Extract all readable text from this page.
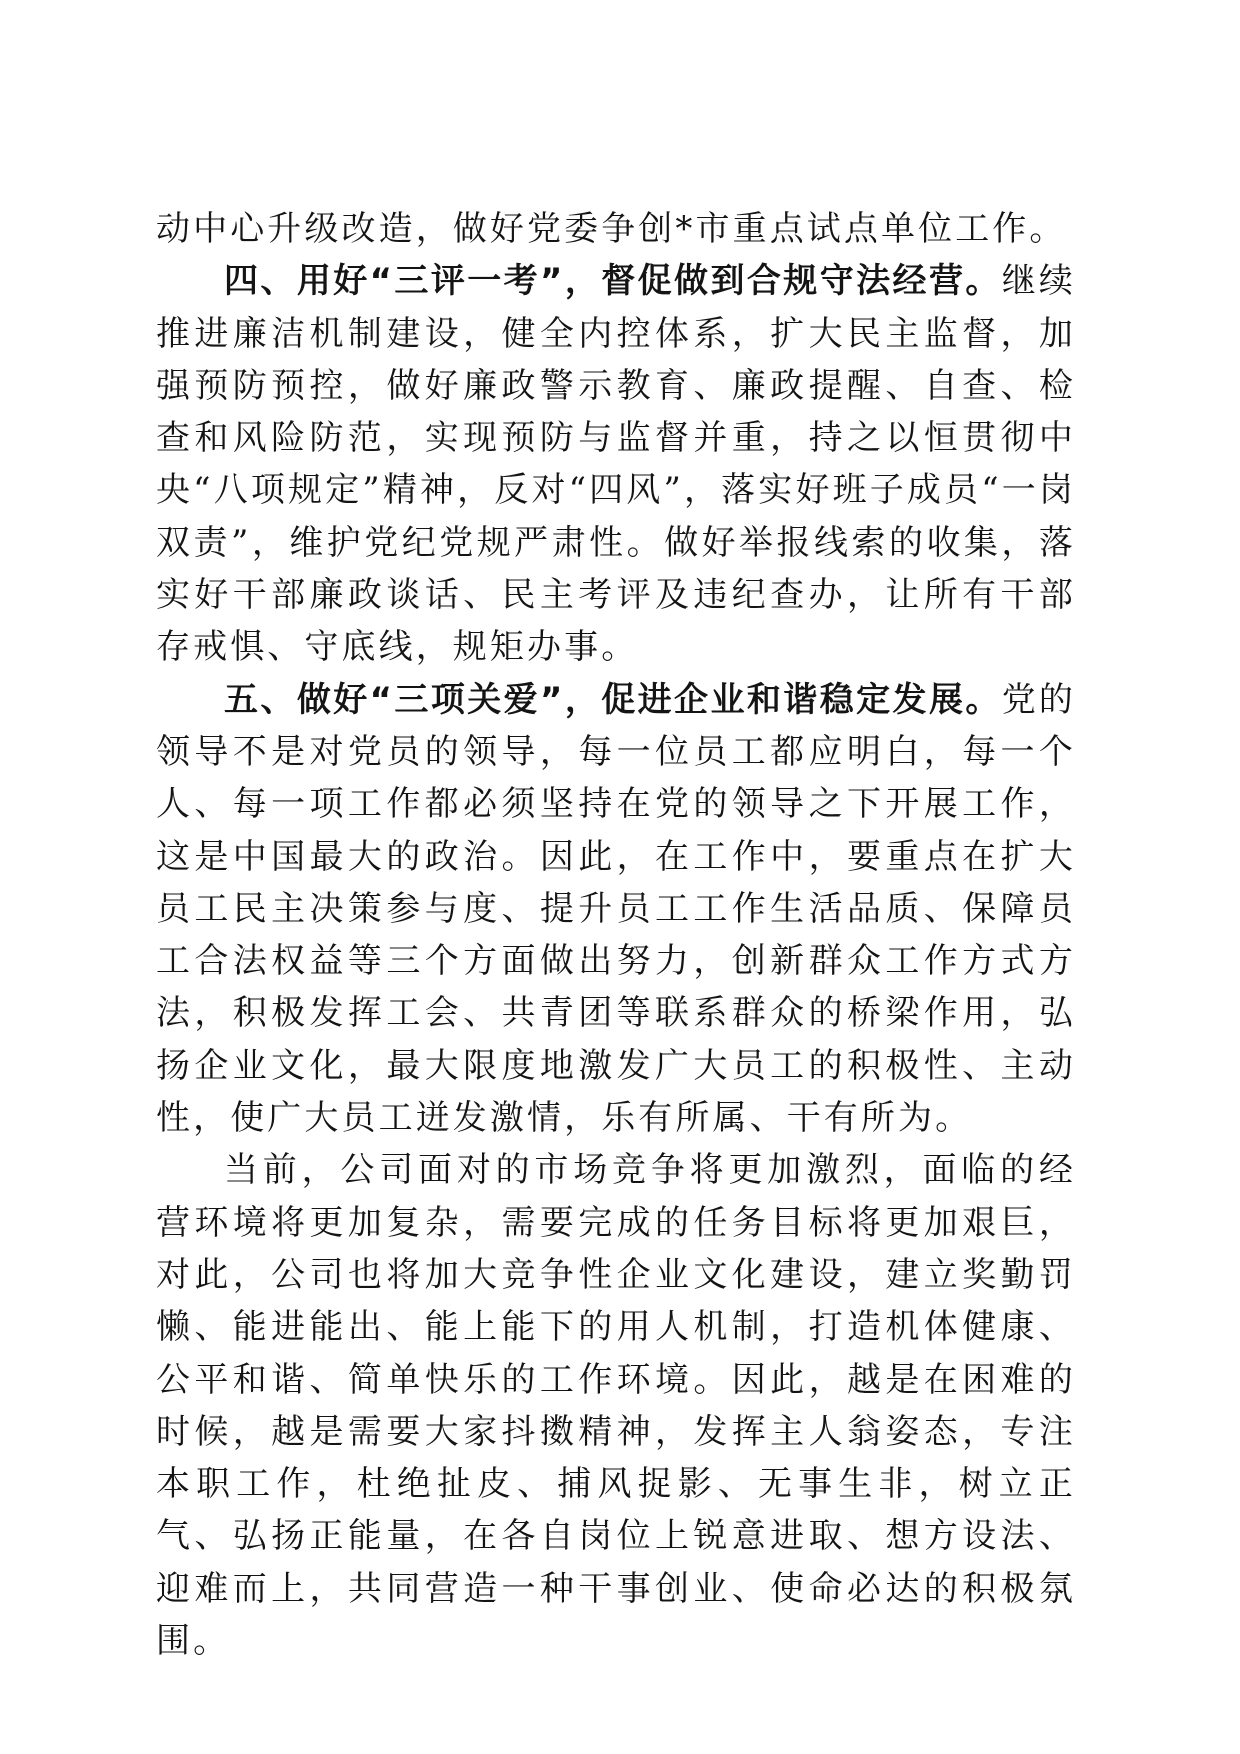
动中心升级改造，做好党委争创*市重点试点单位工作。

四、用好“三评一考”，督促做到合规守法经营。继续推进廉洁机制建设，健全内控体系，扩大民主监督，加强预防预控，做好廉政警示教育、廉政提醒、自查、检查和风险防范，实现预防与监督并重，持之以恒贯彻中央“八项规定”精神，反对“四风”，落实好班子成员“一岗双责”，维护党纪党规严肃性。做好举报线索的收集，落实好干部廉政谈话、民主考评及违纪查办，让所有干部存戒惧、守底线，规矩办事。

五、做好“三项关爱”，促进企业和谐稳定发展。党的领导不是对党员的领导，每一位员工都应明白，每一个人、每一项工作都必须坚持在党的领导之下开展工作，这是中国最大的政治。因此，在工作中，要重点在扩大员工民主决策参与度、提升员工工作生活品质、保障员工合法权益等三个方面做出努力，创新群众工作方式方法，积极发挥工会、共青团等联系群众的桥梁作用，弘扬企业文化，最大限度地激发广大员工的积极性、主动性，使广大员工迸发激情，乐有所属、干有所为。

当前，公司面对的市场竞争将更加激烈，面临的经营环境将更加复杂，需要完成的任务目标将更加艰巨，对此，公司也将加大竞争性企业文化建设，建立奖勤罚懒、能进能出、能上能下的用人机制，打造机体健康、公平和谐、简单快乐的工作环境。因此，越是在困难的时候，越是需要大家抖擞精神，发挥主人翁姿态，专注本职工作，杜绝扯皮、捕风捉影、无事生非，树立正气、弘扬正能量，在各自岗位上锐意进取、想方设法、迎难而上，共同营造一种干事创业、使命必达的积极氛围。
